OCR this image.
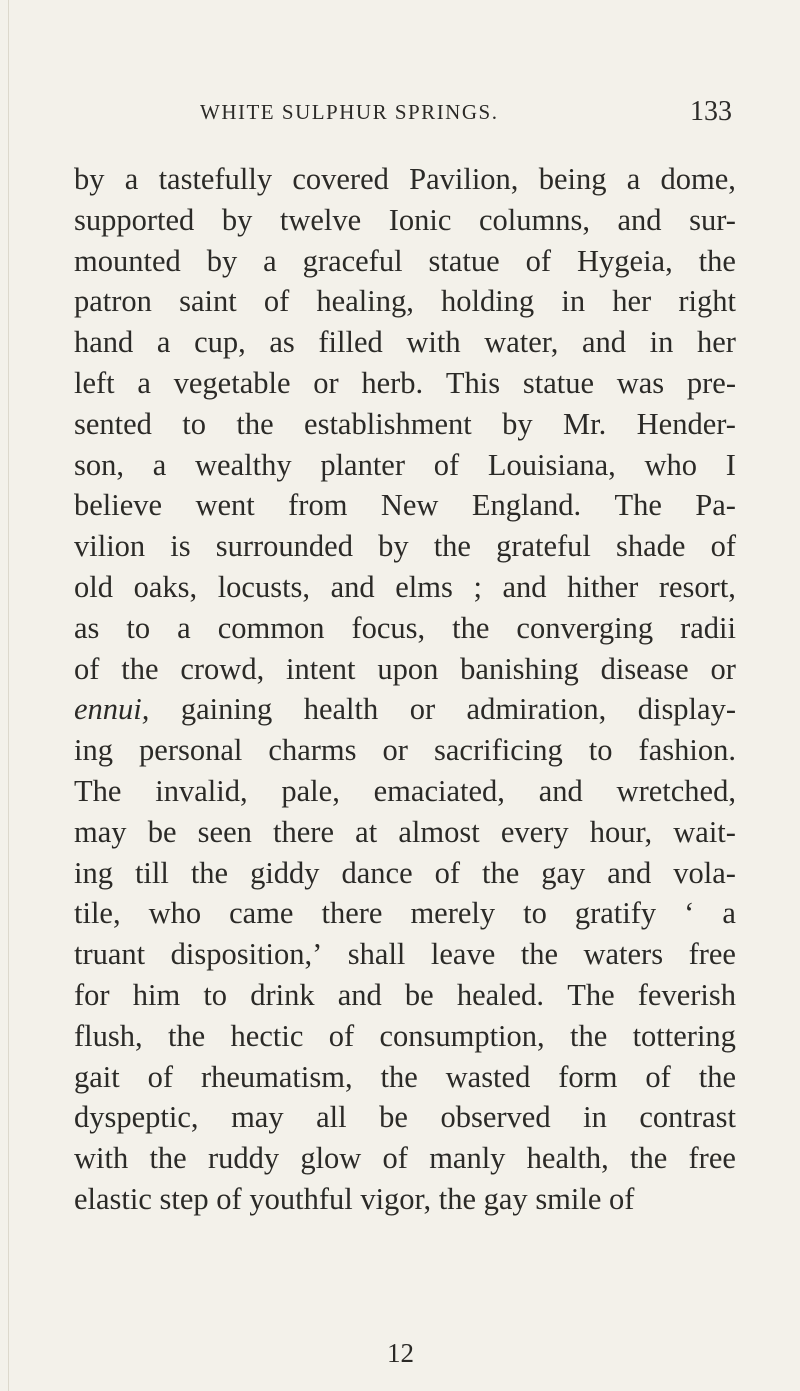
WHITE SULPHUR SPRINGS.	133
by a tastefully covered Pavilion, being a dome,
supported by twelve Ionic columns, and sur-
mounted by a graceful statue of Hygeia, the
patron saint of healing, holding in her right
hand a cup, as filled with water, and in her
left a vegetable or herb. This statue was pre-
sented to the establishment by Mr. Hender-
son, a wealthy planter of Louisiana, who I
believe went from New England. The Pa-
vilion is surrounded by the grateful shade of
old oaks, locusts, and elms ; and hither resort,
as to a common focus, the converging radii
of the crowd, intent upon banishing disease or
ennui, gaining health or admiration, display-
ing personal charms or sacrificing to fashion.
The invalid, pale, emaciated, and wretched,
may be seen there at almost every hour, wait-
ing till the giddy dance of the gay and vola-
tile, who came there merely to gratify ‘ a
truant disposition,’ shall leave the waters free
for him to drink and be healed. The feverish
flush, the hectic of consumption, the tottering
gait of rheumatism, the wasted form of the
dyspeptic, may all be observed in contrast
with the ruddy glow of manly health, the free
elastic
step
of
youthful
vigor,
the
gay
smile
of
12
